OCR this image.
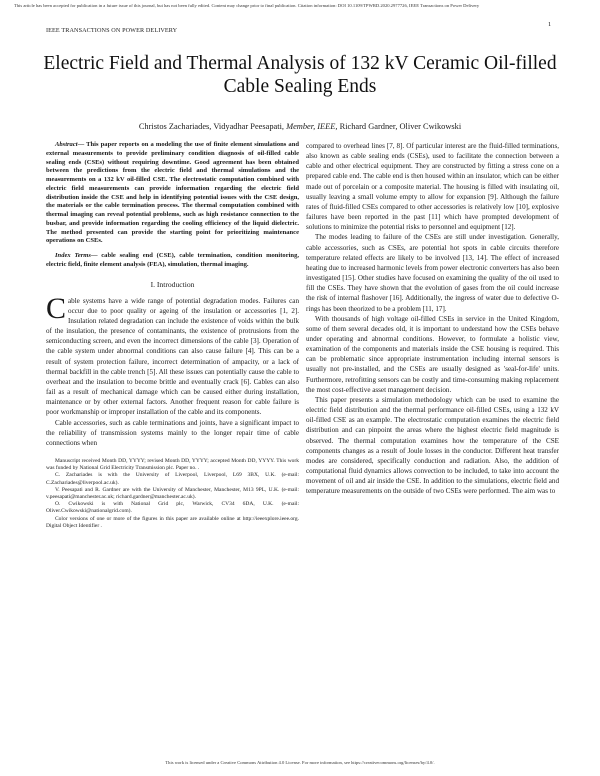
This article has been accepted for publication in a future issue of this journal, but has not been fully edited. Content may change prior to final publication. Citation information: DOI 10.1109/TPWRD.2020.2977726, IEEE Transactions on Power Delivery
IEEE TRANSACTIONS ON POWER DELIVERY
1
Electric Field and Thermal Analysis of 132 kV Ceramic Oil-filled Cable Sealing Ends
Christos Zachariades, Vidyadhar Peesapati, Member, IEEE, Richard Gardner, Oliver Cwikowski

Abstract— This paper reports on a modeling the use of finite element simulations and external measurements to provide preliminary condition diagnosis of oil-filled cable sealing ends (CSEs) without requiring downtime. Good agreement has been obtained between the predictions from the electric field and thermal simulations and the measurements on a 132 kV oil-filled CSE. The electrostatic computation combined with electric field measurements can provide information regarding the electric field distribution inside the CSE and help in identifying potential issues with the CSE design, the materials or the cable termination process. The thermal computation combined with thermal imaging can reveal potential problems, such as high resistance connection to the busbar, and provide information regarding the cooling efficiency of the liquid dielectric. The method presented can provide the starting point for prioritizing maintenance operations on CSEs.

Index Terms— cable sealing end (CSE), cable termination, condition monitoring, electric field, finite element analysis (FEA), simulation, thermal imaging.

I. Introduction

Cable systems have a wide range of potential degradation modes. Failures can occur due to poor quality or ageing of the insulation or accessories [1, 2]. Insulation related degradation can include the existence of voids within the bulk of the insulation, the presence of contaminants, the existence of protrusions from the semiconducting screen, and even the incorrect dimensions of the cable [3]. Operation of the cable system under abnormal conditions can also cause failure [4]. This can be a result of system protection failure, incorrect determination of ampacity, or a lack of thermal backfill in the cable trench [5]. All these issues can potentially cause the cable to overheat and the insulation to become brittle and eventually crack [6]. Cables can also fail as a result of mechanical damage which can be caused either during installation, maintenance or by other external factors. Another frequent reason for cable failure is poor workmanship or improper installation of the cable and its components.

Cable accessories, such as cable terminations and joints, have a significant impact to the reliability of transmission systems mainly to the longer repair time of cable connections when

Manuscript received Month DD, YYYY; revised Month DD, YYYY; accepted Month DD, YYYY. This work was funded by National Grid Electricity Transmission plc. Paper no. .

C. Zachariades is with the University of Liverpool, Liverpool, L69 3BX, U.K. (e-mail: C.Zachariades@liverpool.ac.uk).

V. Peesapati and R. Gardner are with the University of Manchester, Manchester, M13 9PL, U.K. (e-mail: v.peesapati@manchester.ac.uk; richard.gardner@manchester.ac.uk).

O. Cwikowski is with National Grid plc, Warwick, CV34 6DA, U.K. (e-mail: Oliver.Cwikowski@nationalgrid.com).

Color versions of one or more of the figures in this paper are available online at http://ieeexplore.ieee.org. Digital Object Identifier .

compared to overhead lines [7, 8]. Of particular interest are the fluid-filled terminations, also known as cable sealing ends (CSEs), used to facilitate the connection between a cable and other electrical equipment. They are constructed by fitting a stress cone on a prepared cable end. The cable end is then housed within an insulator, which can be either made out of porcelain or a composite material. The housing is filled with insulating oil, usually leaving a small volume empty to allow for expansion [9]. Although the failure rates of fluid-filled CSEs compared to other accessories is relatively low [10], explosive failures have been reported in the past [11] which have prompted development of solutions to minimize the potential risks to personnel and equipment [12].

The modes leading to failure of the CSEs are still under investigation. Generally, cable accessories, such as CSEs, are potential hot spots in cable circuits therefore temperature related effects are likely to be involved [13, 14]. The effect of increased heating due to increased harmonic levels from power electronic converters has also been investigated [15]. Other studies have focused on examining the quality of the oil used to fill the CSEs. They have shown that the evolution of gases from the oil could increase the risk of internal flashover [16]. Additionally, the ingress of water due to defective O-rings has been theorized to be a problem [11, 17].

With thousands of high voltage oil-filled CSEs in service in the United Kingdom, some of them several decades old, it is important to understand how the CSEs behave under operating and abnormal conditions. However, to formulate a holistic view, examination of the components and materials inside the CSE housing is required. This can be problematic since appropriate instrumentation including internal sensors is usually not pre-installed, and the CSEs are usually designed as 'seal-for-life' units. Furthermore, retrofitting sensors can be costly and time-consuming making replacement the most cost-effective asset management decision.

This paper presents a simulation methodology which can be used to examine the electric field distribution and the thermal performance oil-filled CSEs, using a 132 kV oil-filled CSE as an example. The electrostatic computation examines the electric field distribution and can pinpoint the areas where the highest electric field magnitude is observed. The thermal computation examines how the temperature of the CSE components changes as a result of Joule losses in the conductor. Different heat transfer modes are considered, specifically conduction and radiation. Also, the addition of computational fluid dynamics allows convection to be included, to take into account the movement of oil and air inside the CSE. In addition to the simulations, electric field and temperature measurements on the outside of two CSEs were performed. The aim was to

This work is licensed under a Creative Commons Attribution 4.0 License. For more information, see https://creativecommons.org/licenses/by/4.0/.
